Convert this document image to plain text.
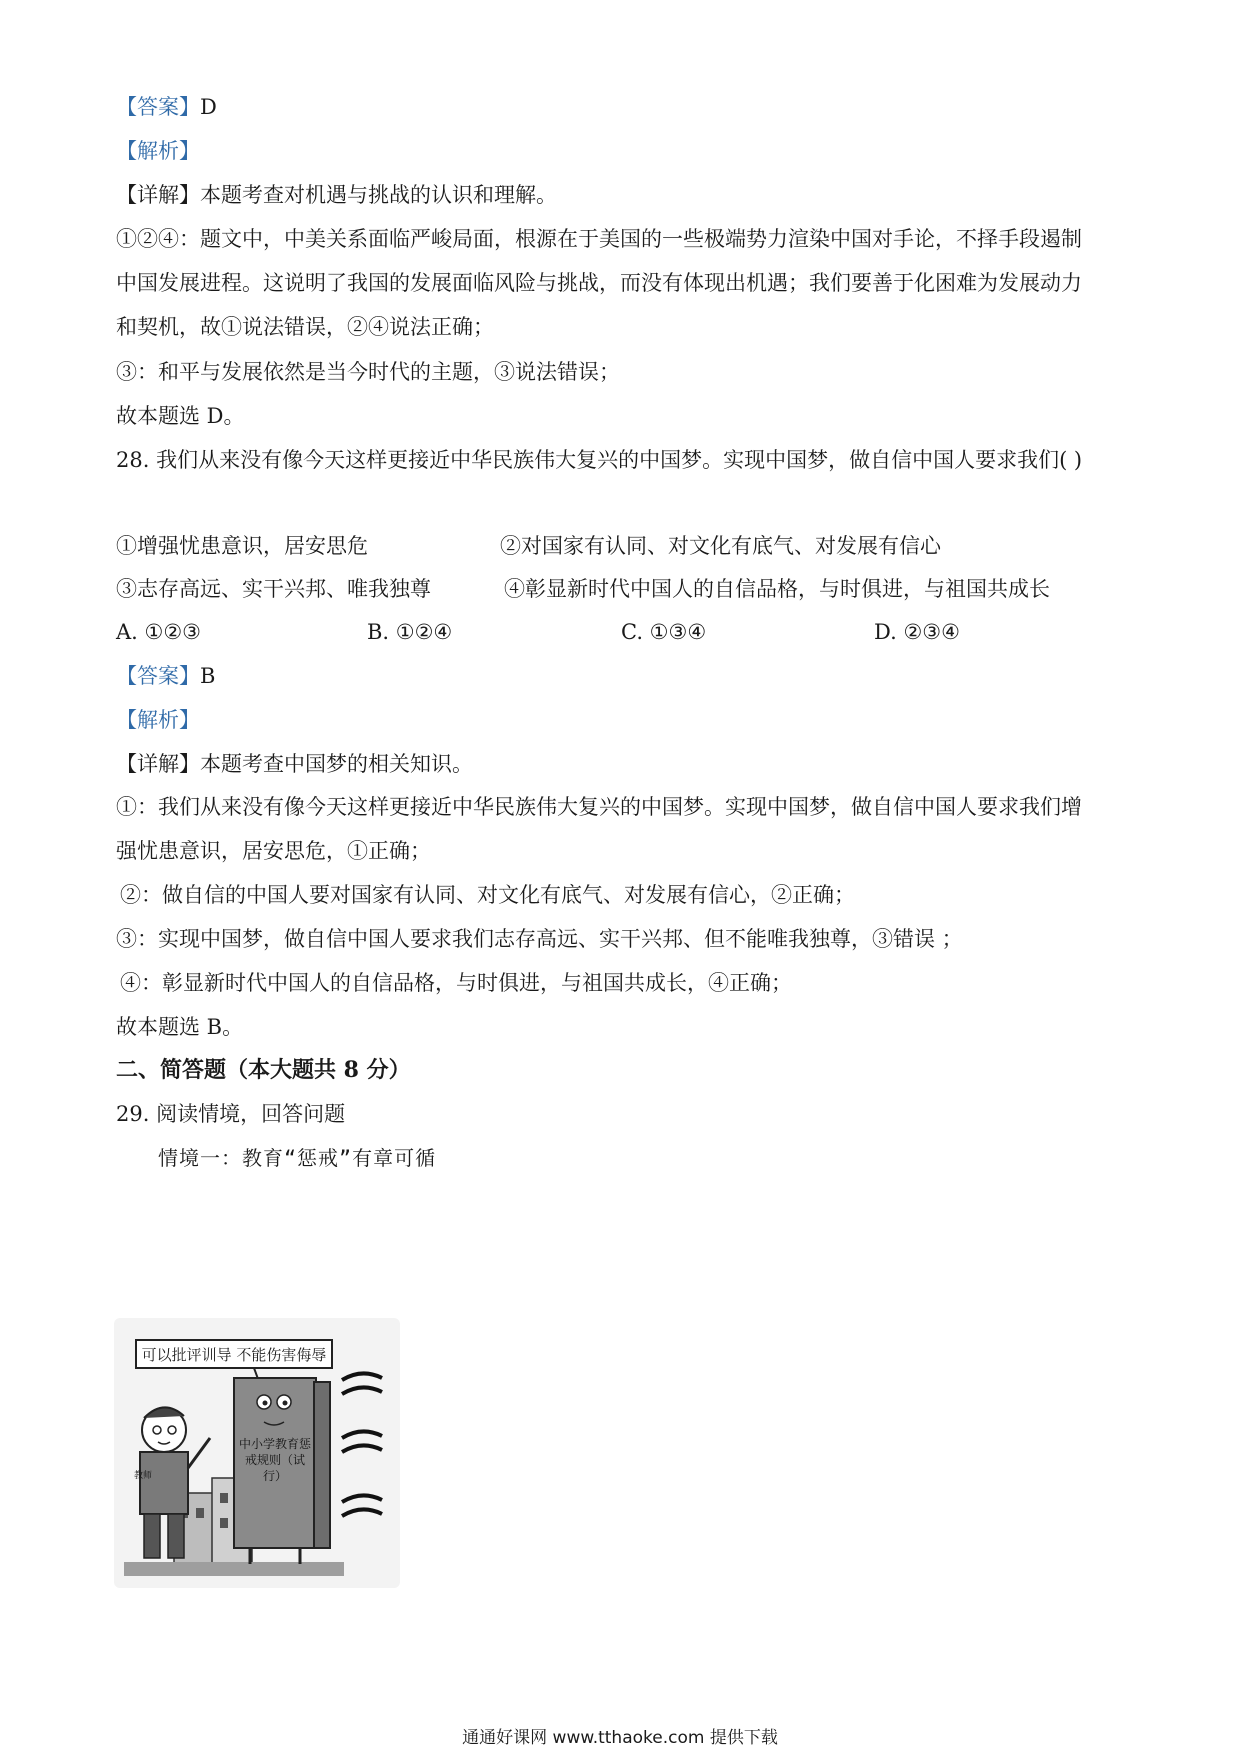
【答案】D
【解析】
【详解】本题考查对机遇与挑战的认识和理解。
①②④：题文中，中美关系面临严峻局面，根源在于美国的一些极端势力渲染中国对手论，不择手段遏制
中国发展进程。这说明了我国的发展面临风险与挑战，而没有体现出机遇；我们要善于化困难为发展动力
和契机，故①说法错误，②④说法正确；
③：和平与发展依然是当今时代的主题，③说法错误；
故本题选 D。
28. 我们从来没有像今天这样更接近中华民族伟大复兴的中国梦。实现中国梦，做自信中国人要求我们( )
①增强忧患意识，居安思危	②对国家有认同、对文化有底气、对发展有信心
③志存高远、实干兴邦、唯我独尊	④彰显新时代中国人的自信品格，与时俱进，与祖国共成长
A. ①②③	B. ①②④	C. ①③④	D. ②③④
【答案】B
【解析】
【详解】本题考查中国梦的相关知识。
①：我们从来没有像今天这样更接近中华民族伟大复兴的中国梦。实现中国梦，做自信中国人要求我们增
强忧患意识，居安思危，①正确；
②：做自信的中国人要对国家有认同、对文化有底气、对发展有信心，②正确；
③：实现中国梦，做自信中国人要求我们志存高远、实干兴邦、但不能唯我独尊，③错误 ；
④：彰显新时代中国人的自信品格，与时俱进，与祖国共成长，④正确；
故本题选 B。
二、简答题（本大题共 8 分）
29. 阅读情境，回答问题
情境一：教育“惩戒”有章可循
可以批评训导 不能伤害侮辱
教师
中小学教育惩戒规则（试行）
通通好课网 www.tthaoke.com 提供下载
